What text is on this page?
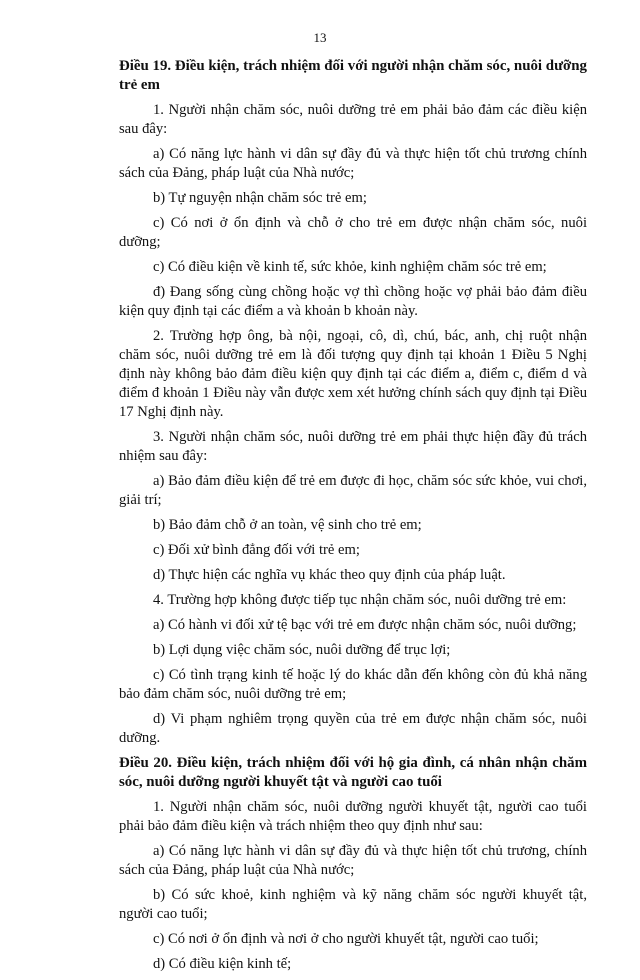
13

Điều 19. Điều kiện, trách nhiệm đối với người nhận chăm sóc, nuôi dưỡng trẻ em

1. Người nhận chăm sóc, nuôi dưỡng trẻ em phải bảo đảm các điều kiện sau đây:

a) Có năng lực hành vi dân sự đầy đủ và thực hiện tốt chủ trương chính sách của Đảng, pháp luật của Nhà nước;

b) Tự nguyện nhận chăm sóc trẻ em;

c) Có nơi ở ổn định và chỗ ở cho trẻ em được nhận chăm sóc, nuôi dưỡng;

c) Có điều kiện về kinh tế, sức khỏe, kinh nghiệm chăm sóc trẻ em;

đ) Đang sống cùng chồng hoặc vợ thì chồng hoặc vợ phải bảo đảm điều kiện quy định tại các điểm a và khoản b khoản này.

2. Trường hợp ông, bà nội, ngoại, cô, dì, chú, bác, anh, chị ruột nhận chăm sóc, nuôi dưỡng trẻ em là đối tượng quy định tại khoản 1 Điều 5 Nghị định này không bảo đảm điều kiện quy định tại các điểm a, điểm c, điểm d và điểm đ khoản 1 Điều này vẫn được xem xét hưởng chính sách quy định tại Điều 17 Nghị định này.

3. Người nhận chăm sóc, nuôi dưỡng trẻ em phải thực hiện đầy đủ trách nhiệm sau đây:

a) Bảo đảm điều kiện để trẻ em được đi học, chăm sóc sức khỏe, vui chơi, giải trí;

b) Bảo đảm chỗ ở an toàn, vệ sinh cho trẻ em;

c) Đối xử bình đẳng đối với trẻ em;

d) Thực hiện các nghĩa vụ khác theo quy định của pháp luật.

4. Trường hợp không được tiếp tục nhận chăm sóc, nuôi dưỡng trẻ em:

a) Có hành vi đối xử tệ bạc với trẻ em được nhận chăm sóc, nuôi dưỡng;

b) Lợi dụng việc chăm sóc, nuôi dưỡng để trục lợi;

c) Có tình trạng kinh tế hoặc lý do khác dẫn đến không còn đủ khả năng bảo đảm chăm sóc, nuôi dưỡng trẻ em;

d) Vi phạm nghiêm trọng quyền của trẻ em được nhận chăm sóc, nuôi dưỡng.

Điều 20. Điều kiện, trách nhiệm đối với hộ gia đình, cá nhân nhận chăm sóc, nuôi dưỡng người khuyết tật và người cao tuổi

1. Người nhận chăm sóc, nuôi dưỡng người khuyết tật, người cao tuổi phải bảo đảm điều kiện và trách nhiệm theo quy định như sau:

a) Có năng lực hành vi dân sự đầy đủ và thực hiện tốt chủ trương, chính sách của Đảng, pháp luật của Nhà nước;

b) Có sức khoẻ, kinh nghiệm và kỹ năng chăm sóc người khuyết tật, người cao tuổi;

c) Có nơi ở ổn định và nơi ở cho người khuyết tật, người cao tuổi;

d) Có điều kiện kinh tế;
